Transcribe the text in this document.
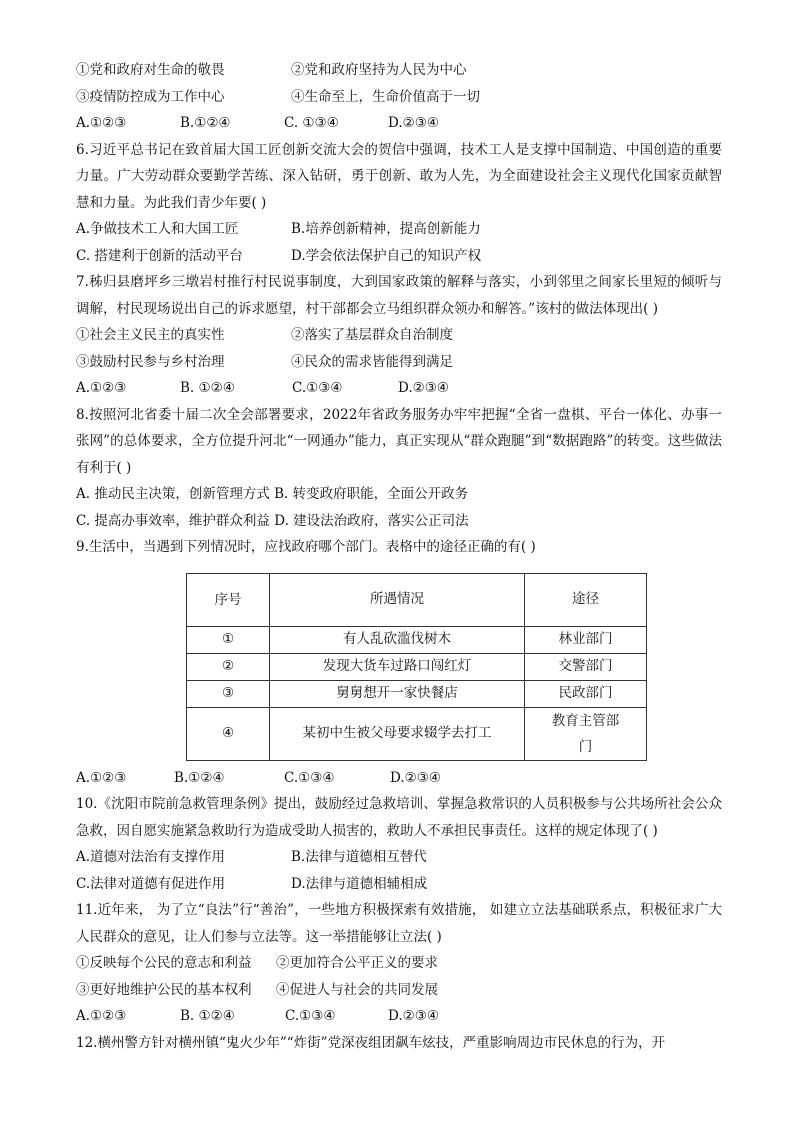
①党和政府对生命的敬畏	②党和政府坚持为人民为中心
③疫情防控成为工作中心	④生命至上，生命价值高于一切
A.①②③	B.①②④	C. ①③④	D.②③④
6.习近平总书记在致首届大国工匠创新交流大会的贺信中强调，技术工人是支撑中国制造、中国创造的重要力量。广大劳动群众要勤学苦练、深入钻研，勇于创新、敢为人先，为全面建设社会主义现代化国家贡献智慧和力量。为此我们青少年要( )
A.争做技术工人和大国工匠	B.培养创新精神，提高创新能力
C. 搭建利于创新的活动平台	D.学会依法保护自己的知识产权
7.秭归县磨坪乡三墩岩村推行村民说事制度，大到国家政策的解释与落实，小到邻里之间家长里短的倾听与调解，村民现场说出自己的诉求愿望，村干部都会立马组织群众领办和解答。”该村的做法体现出( )
①社会主义民主的真实性	②落实了基层群众自治制度
③鼓励村民参与乡村治理	④民众的需求皆能得到满足
A.①②③	B. ①②④	C.①③④	D.②③④
8.按照河北省委十届二次全会部署要求，2022年省政务服务办牢牢把握“全省一盘棋、平台一体化、办事一张网”的总体要求，全方位提升河北“一网通办”能力，真正实现从“群众跑腿”到“数据跑路”的转变。这些做法有利于( )
A. 推动民主决策，创新管理方式 B. 转变政府职能，全面公开政务
C. 提高办事效率，维护群众利益 D. 建设法治政府，落实公正司法
9.生活中，当遇到下列情况时，应找政府哪个部门。表格中的途径正确的有( )
序号	所遇情况	途径
①	有人乱砍滥伐树木	林业部门
②	发现大货车过路口闯红灯	交警部门
③	舅舅想开一家快餐店	民政部门
④	某初中生被父母要求辍学去打工	教育主管部门
A.①②③	B.①②④	C.①③④	D.②③④
10.《沈阳市院前急救管理条例》提出，鼓励经过急救培训、掌握急救常识的人员积极参与公共场所社会公众急救，因自愿实施紧急救助行为造成受助人损害的，救助人不承担民事责任。这样的规定体现了( )
A.道德对法治有支撑作用	B.法律与道德相互替代
C.法律对道德有促进作用	D.法律与道德相辅相成
11.近年来， 为了立“良法”行“善治”，一些地方积极探索有效措施， 如建立立法基础联系点，积极征求广大人民群众的意见，让人们参与立法等。这一举措能够让立法( )
①反映每个公民的意志和利益	②更加符合公平正义的要求
③更好地维护公民的基本权利	④促进人与社会的共同发展
A.①②③	B. ①②④	C.①③④	D.②③④
12.横州警方针对横州镇“鬼火少年”“炸街”党深夜组团飙车炫技，严重影响周边市民休息的行为，开
